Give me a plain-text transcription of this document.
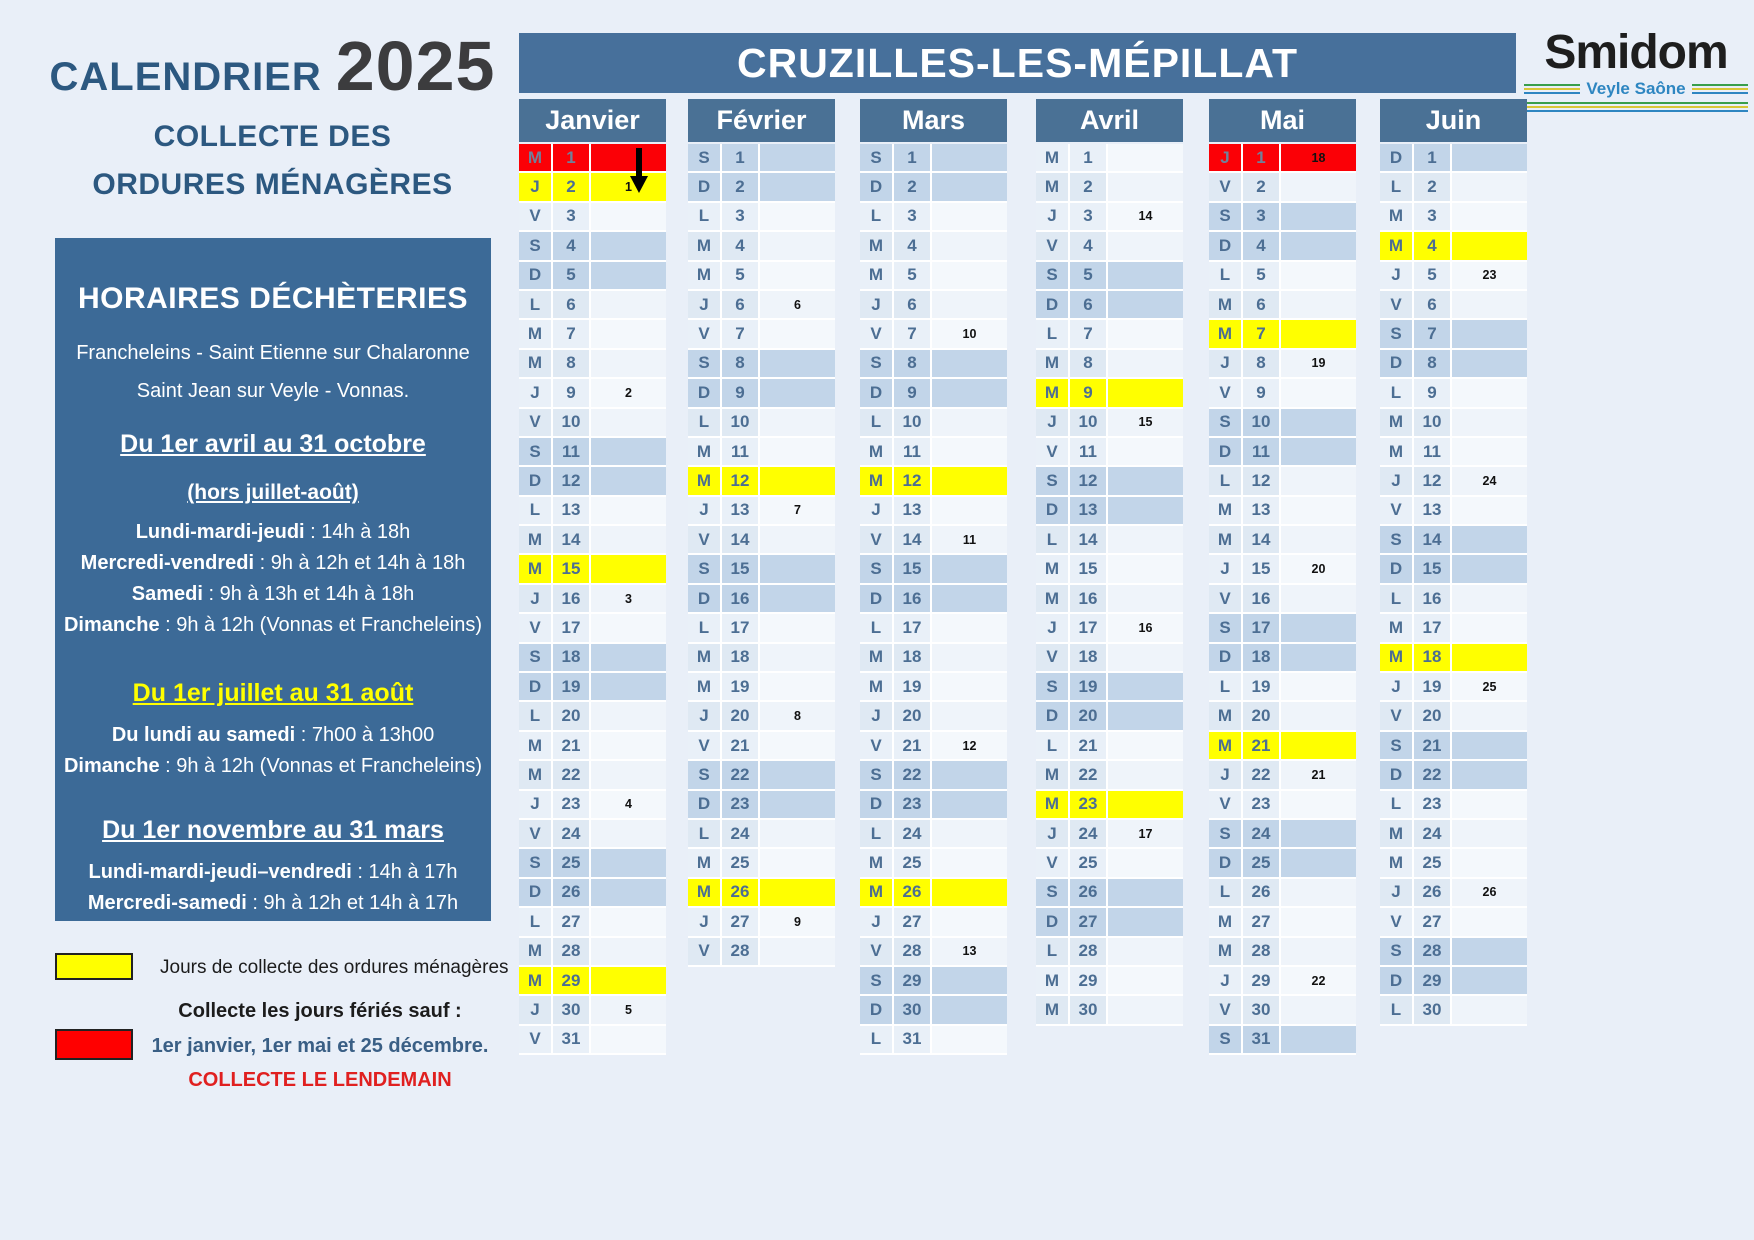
CALENDRIER 2025
COLLECTE DES
ORDURES MÉNAGÈRES
CRUZILLES-LES-MÉPILLAT	Smidom
Veyle Saône
HORAIRES DÉCHÈTERIES
Francheleins - Saint Etienne sur Chalaronne
Saint Jean sur Veyle - Vonnas.
Du 1er avril au 31 octobre
(hors juillet-août)
Lundi-mardi-jeudi : 14h à 18h
Mercredi-vendredi : 9h à 12h et 14h à 18h
Samedi : 9h à 13h et 14h à 18h
Dimanche : 9h à 12h (Vonnas et Francheleins)
Du 1er juillet au 31 août
Du lundi au samedi : 7h00 à 13h00
Dimanche : 9h à 12h (Vonnas et Francheleins)
Du 1er novembre au 31 mars
Lundi-mardi-jeudi–vendredi : 14h à 17h
Mercredi-samedi : 9h à 12h et 14h à 17h
Jours de collecte des ordures ménagères
Collecte les jours fériés sauf :
1er janvier, 1er mai et 25 décembre.
COLLECTE LE LENDEMAIN
Janvier
M	1
J	2	1
V	3
S	4
D	5
L	6
M	7
M	8
J	9	2
V	10
S	11
D	12
L	13
M	14
M	15
J	16	3
V	17
S	18
D	19
L	20
M	21
M	22
J	23	4
V	24
S	25
D	26
L	27
M	28
M	29
J	30	5
V	31
Février
S	1
D	2
L	3
M	4
M	5
J	6	6
V	7
S	8
D	9
L	10
M	11
M	12
J	13	7
V	14
S	15
D	16
L	17
M	18
M	19
J	20	8
V	21
S	22
D	23
L	24
M	25
M	26
J	27	9
V	28
Mars
S	1
D	2
L	3
M	4
M	5
J	6
V	7	10
S	8
D	9
L	10
M	11
M	12
J	13
V	14	11
S	15
D	16
L	17
M	18
M	19
J	20
V	21	12
S	22
D	23
L	24
M	25
M	26
J	27
V	28	13
S	29
D	30
L	31
Avril
M	1
M	2
J	3	14
V	4
S	5
D	6
L	7
M	8
M	9
J	10	15
V	11
S	12
D	13
L	14
M	15
M	16
J	17	16
V	18
S	19
D	20
L	21
M	22
M	23
J	24	17
V	25
S	26
D	27
L	28
M	29
M	30
Mai
J	1	18
V	2
S	3
D	4
L	5
M	6
M	7
J	8	19
V	9
S	10
D	11
L	12
M	13
M	14
J	15	20
V	16
S	17
D	18
L	19
M	20
M	21
J	22	21
V	23
S	24
D	25
L	26
M	27
M	28
J	29	22
V	30
S	31
Juin
D	1
L	2
M	3
M	4
J	5	23
V	6
S	7
D	8
L	9
M	10
M	11
J	12	24
V	13
S	14
D	15
L	16
M	17
M	18
J	19	25
V	20
S	21
D	22
L	23
M	24
M	25
J	26	26
V	27
S	28
D	29
L	30
